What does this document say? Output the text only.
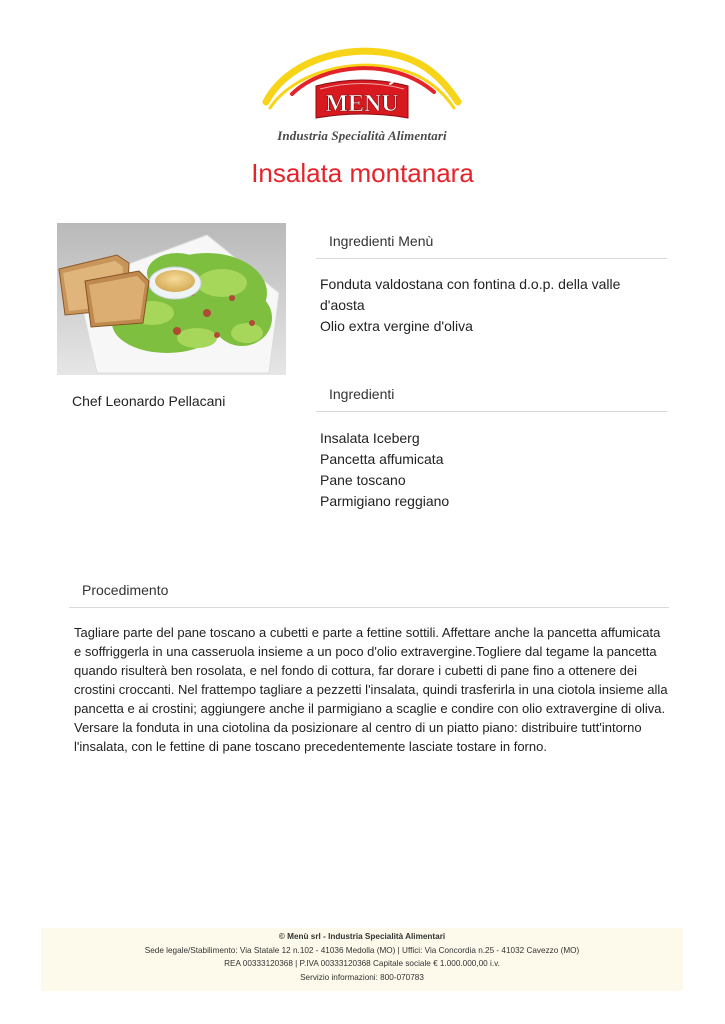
MENU
Industria Specialità Alimentari
Insalata montanara
Chef Leonardo Pellacani
Ingredienti Menù
Fonduta valdostana con fontina d.o.p. della valle d'aosta
Olio extra vergine d'oliva
Ingredienti
Insalata Iceberg
Pancetta affumicata
Pane toscano
Parmigiano reggiano
Procedimento
Tagliare parte del pane toscano a cubetti e parte a fettine sottili. Affettare anche la pancetta affumicata e soffriggerla in una casseruola insieme a un poco d'olio extravergine.Togliere dal tegame la pancetta quando risulterà ben rosolata, e nel fondo di cottura, far dorare i cubetti di pane fino a ottenere dei crostini croccanti. Nel frattempo tagliare a pezzetti l'insalata, quindi trasferirla in una ciotola insieme alla pancetta e ai crostini; aggiungere anche il parmigiano a scaglie e condire con olio extravergine di oliva. Versare la fonduta in una ciotolina da posizionare al centro di un piatto piano: distribuire tutt'intorno l'insalata, con le fettine di pane toscano precedentemente lasciate tostare in forno.
© Menù srl - Industria Specialità Alimentari
Sede legale/Stabilimento: Via Statale 12 n.102 - 41036 Medolla (MO) | Uffici: Via Concordia n.25 - 41032 Cavezzo (MO)
REA 00333120368 | P.IVA 00333120368 Capitale sociale € 1.000.000,00 i.v.
Servizio informazioni: 800-070783
